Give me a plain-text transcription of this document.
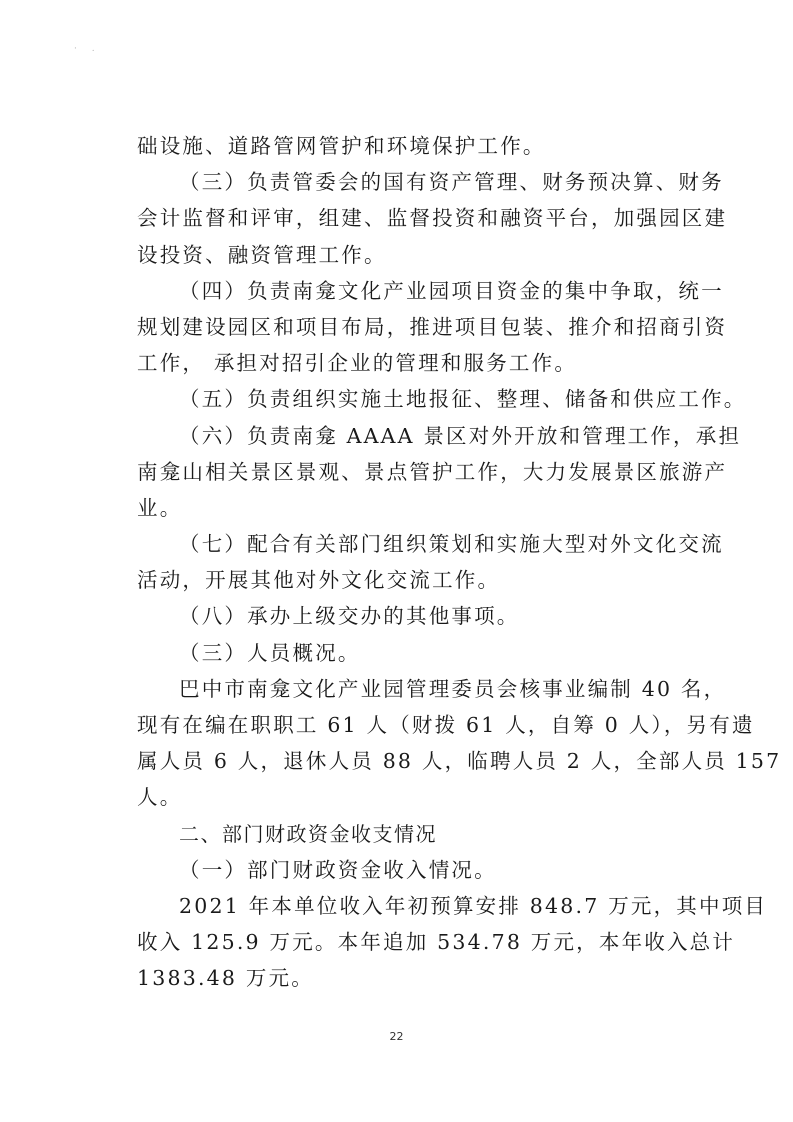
· .
础设施、道路管网管护和环境保护工作。
（三）负责管委会的国有资产管理、财务预决算、财务
会计监督和评审，组建、监督投资和融资平台，加强园区建
设投资、融资管理工作。
（四）负责南龛文化产业园项目资金的集中争取，统一
规划建设园区和项目布局，推进项目包装、推介和招商引资
工作， 承担对招引企业的管理和服务工作。
（五）负责组织实施土地报征、整理、储备和供应工作。
（六）负责南龛 AAAA 景区对外开放和管理工作，承担
南龛山相关景区景观、景点管护工作，大力发展景区旅游产
业。
（七）配合有关部门组织策划和实施大型对外文化交流
活动，开展其他对外文化交流工作。
（八）承办上级交办的其他事项。
（三）人员概况。
巴中市南龛文化产业园管理委员会核事业编制 40 名，
现有在编在职职工 61 人（财拨 61 人，自筹 0 人），另有遗
属人员 6 人，退休人员 88 人，临聘人员 2 人，全部人员 157
人。
二、部门财政资金收支情况
（一）部门财政资金收入情况。
2021 年本单位收入年初预算安排 848.7 万元，其中项目
收入 125.9 万元。本年追加 534.78 万元，本年收入总计
1383.48 万元。
22
